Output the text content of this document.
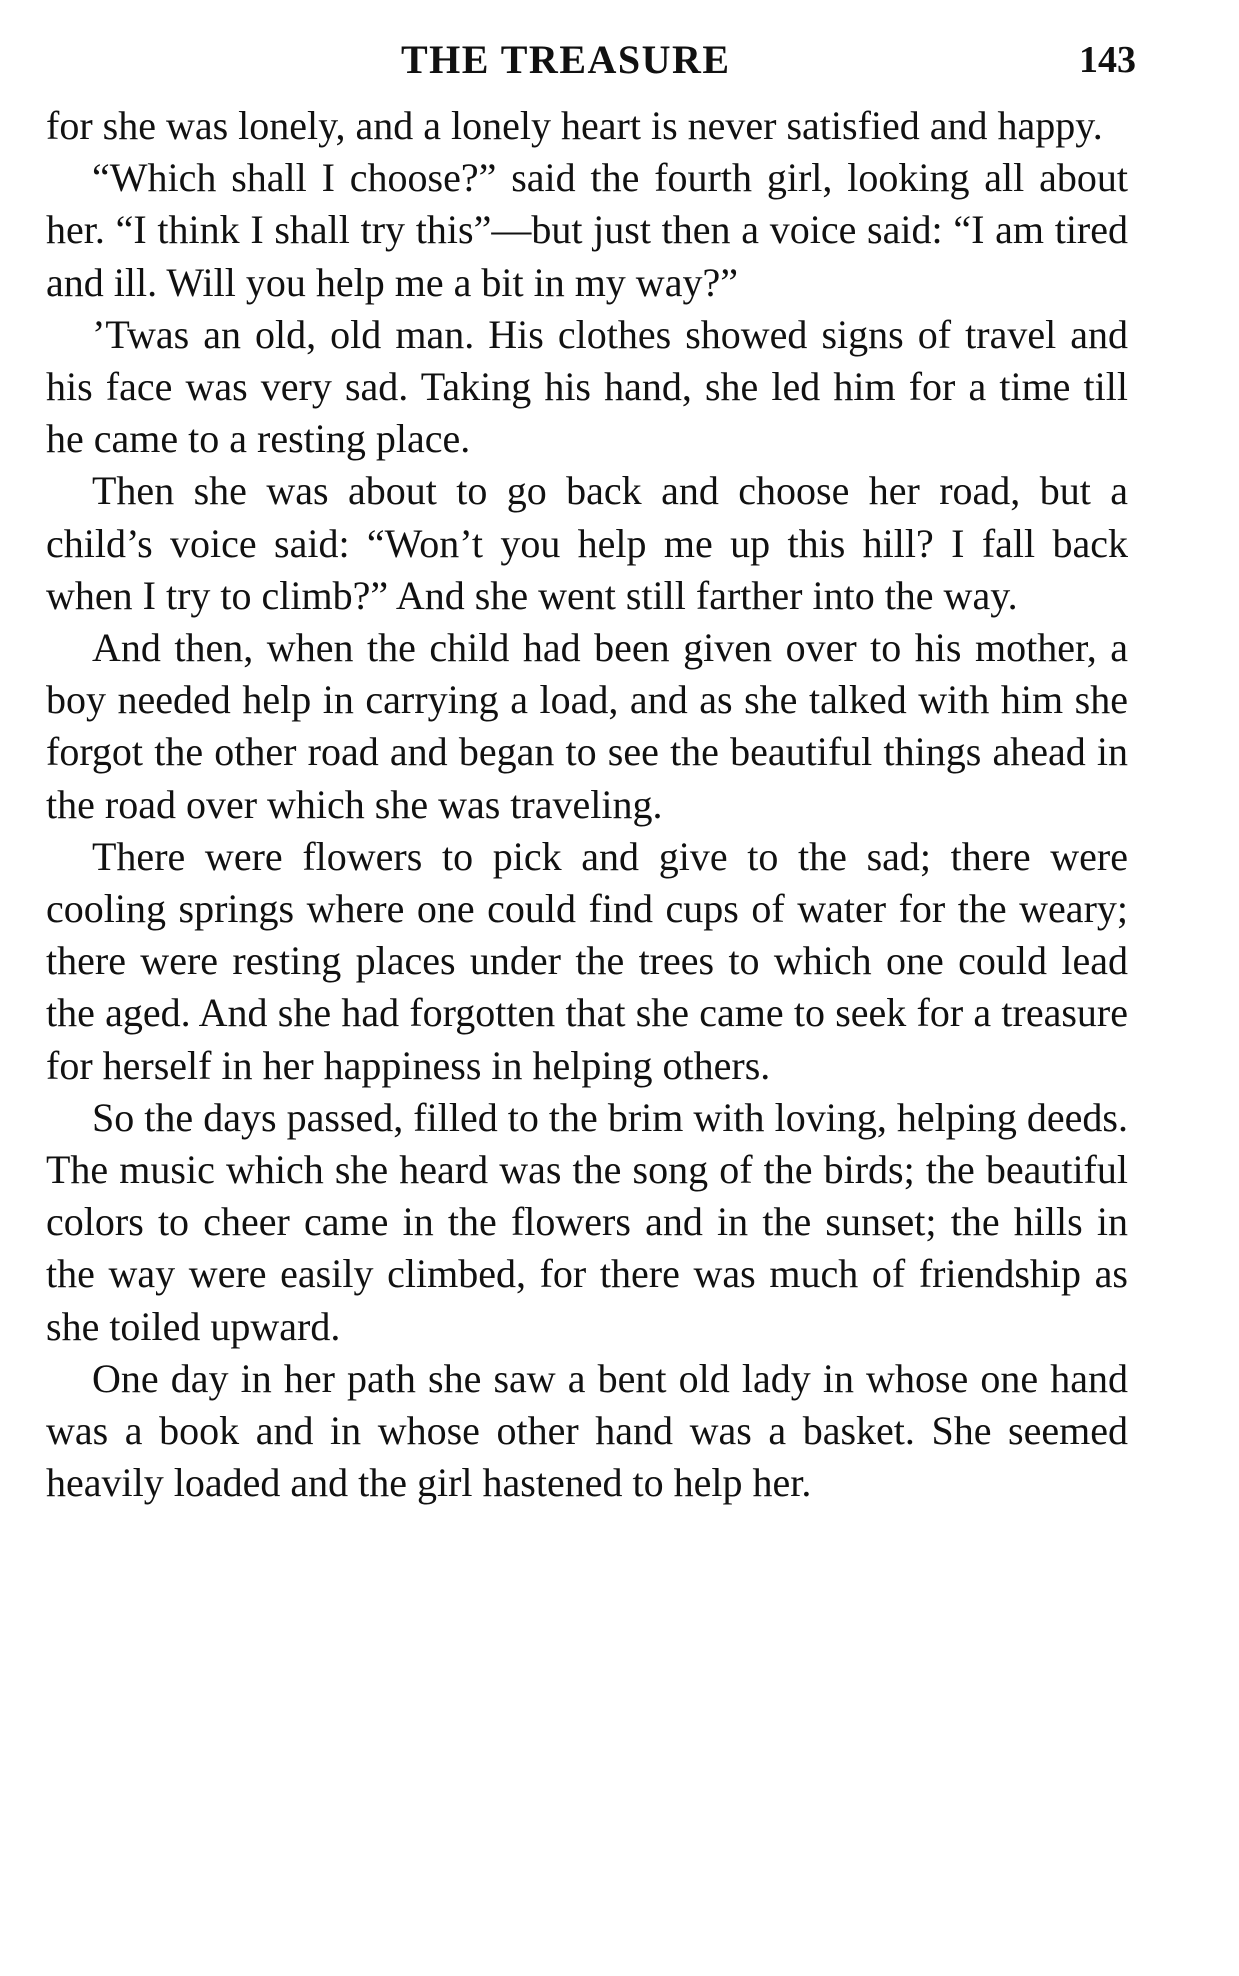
THE TREASURE	143

for she was lonely, and a lonely heart is never satisfied and happy.

“Which shall I choose?” said the fourth girl, looking all about her. “I think I shall try this”—but just then a voice said: “I am tired and ill. Will you help me a bit in my way?”

’Twas an old, old man. His clothes showed signs of travel and his face was very sad. Taking his hand, she led him for a time till he came to a resting place.

Then she was about to go back and choose her road, but a child’s voice said: “Won’t you help me up this hill? I fall back when I try to climb?” And she went still farther into the way.

And then, when the child had been given over to his mother, a boy needed help in carrying a load, and as she talked with him she forgot the other road and began to see the beautiful things ahead in the road over which she was traveling.

There were flowers to pick and give to the sad; there were cooling springs where one could find cups of water for the weary; there were resting places under the trees to which one could lead the aged. And she had forgotten that she came to seek for a treasure for herself in her happiness in helping others.

So the days passed, filled to the brim with loving, helping deeds. The music which she heard was the song of the birds; the beautiful colors to cheer came in the flowers and in the sunset; the hills in the way were easily climbed, for there was much of friendship as she toiled upward.

One day in her path she saw a bent old lady in whose one hand was a book and in whose other hand was a basket. She seemed heavily loaded and the girl hastened to help her.
